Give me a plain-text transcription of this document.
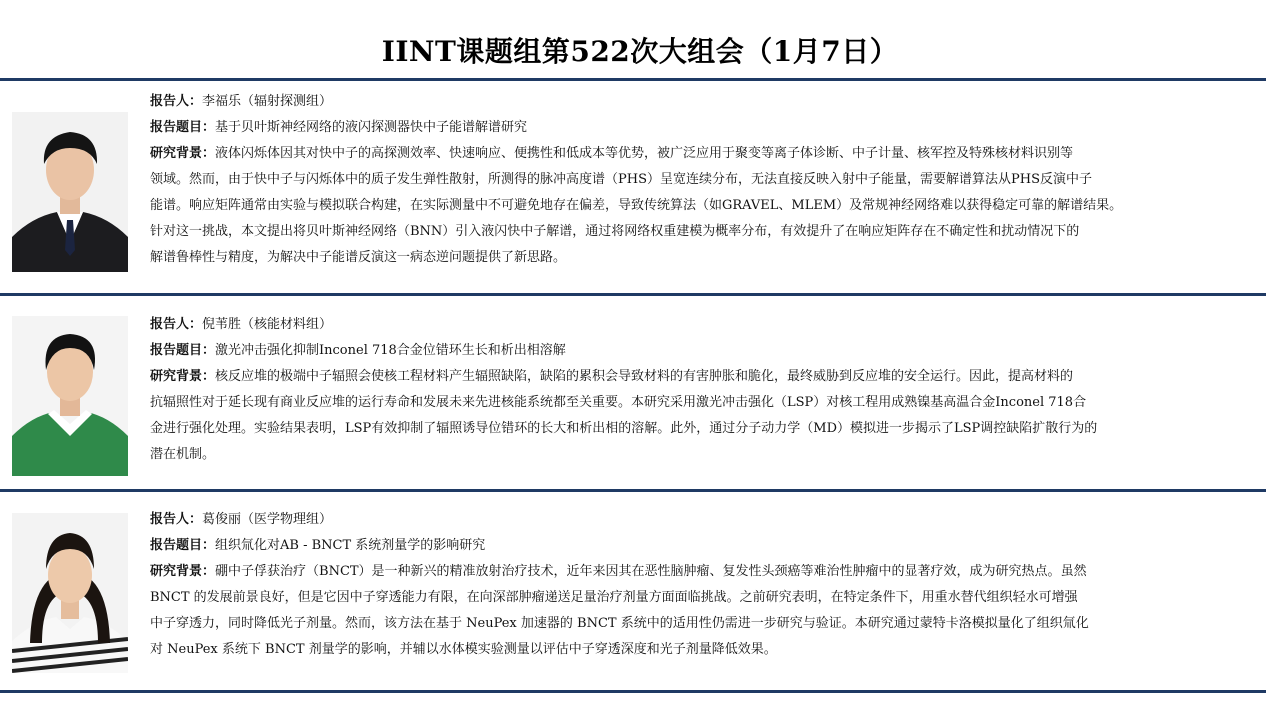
IINT课题组第522次大组会（1月7日）
报告人：李福乐（辐射探测组）
报告题目：基于贝叶斯神经网络的液闪探测器快中子能谱解谱研究
研究背景：液体闪烁体因其对快中子的高探测效率、快速响应、便携性和低成本等优势，被广泛应用于聚变等离子体诊断、中子计量、核军控及特殊核材料识别等
领域。然而，由于快中子与闪烁体中的质子发生弹性散射，所测得的脉冲高度谱（PHS）呈宽连续分布，无法直接反映入射中子能量，需要解谱算法从PHS反演中子
能谱。响应矩阵通常由实验与模拟联合构建，在实际测量中不可避免地存在偏差，导致传统算法（如GRAVEL、MLEM）及常规神经网络难以获得稳定可靠的解谱结果。
针对这一挑战，本文提出将贝叶斯神经网络（BNN）引入液闪快中子解谱，通过将网络权重建模为概率分布，有效提升了在响应矩阵存在不确定性和扰动情况下的
解谱鲁棒性与精度，为解决中子能谱反演这一病态逆问题提供了新思路。
报告人：倪苇胜（核能材料组）
报告题目：激光冲击强化抑制Inconel 718合金位错环生长和析出相溶解
研究背景：核反应堆的极端中子辐照会使核工程材料产生辐照缺陷，缺陷的累积会导致材料的有害肿胀和脆化，最终威胁到反应堆的安全运行。因此，提高材料的
抗辐照性对于延长现有商业反应堆的运行寿命和发展未来先进核能系统都至关重要。本研究采用激光冲击强化（LSP）对核工程用成熟镍基高温合金Inconel 718合
金进行强化处理。实验结果表明，LSP有效抑制了辐照诱导位错环的长大和析出相的溶解。此外，通过分子动力学（MD）模拟进一步揭示了LSP调控缺陷扩散行为的
潜在机制。
报告人：葛俊丽（医学物理组）
报告题目：组织氚化对AB - BNCT 系统剂量学的影响研究
研究背景：硼中子俘获治疗（BNCT）是一种新兴的精准放射治疗技术，近年来因其在恶性脑肿瘤、复发性头颈癌等难治性肿瘤中的显著疗效，成为研究热点。虽然
BNCT 的发展前景良好，但是它因中子穿透能力有限，在向深部肿瘤递送足量治疗剂量方面面临挑战。之前研究表明，在特定条件下，用重水替代组织轻水可增强
中子穿透力，同时降低光子剂量。然而，该方法在基于 NeuPex 加速器的 BNCT 系统中的适用性仍需进一步研究与验证。本研究通过蒙特卡洛模拟量化了组织氚化
对 NeuPex 系统下 BNCT 剂量学的影响，并辅以水体模实验测量以评估中子穿透深度和光子剂量降低效果。
